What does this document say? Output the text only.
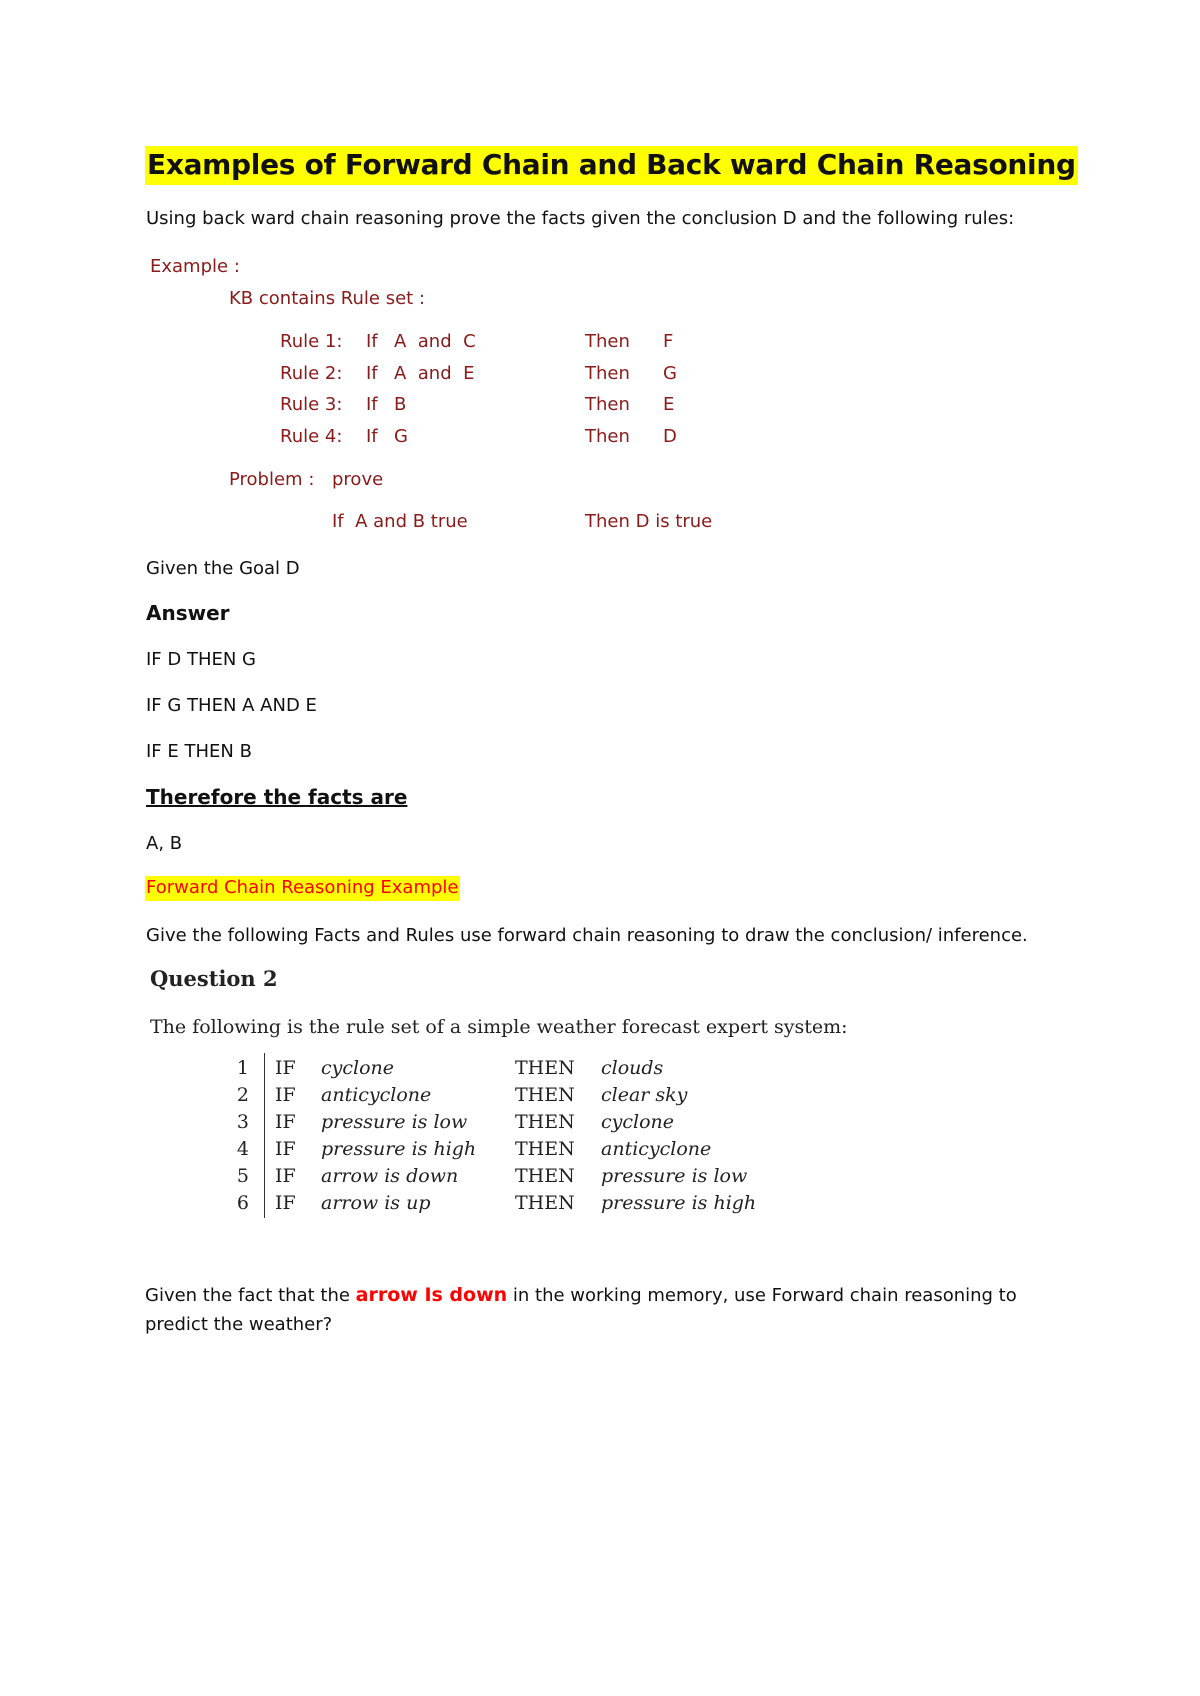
Examples of Forward Chain and Back ward Chain Reasoning
Using back ward chain reasoning prove the facts given the conclusion D and the following rules:
Example :
KB contains Rule set :
Rule 1: If A  and  C	Then F
Rule 2: If A  and  E	Then G
Rule 3: If B	Then E
Rule 4: If G	Then D
Problem : prove
If  A and B true	Then D is true
Given the Goal D
Answer
IF D THEN G
IF G THEN A AND E
IF E THEN B
Therefore the facts are
A, B
Forward Chain Reasoning Example
Give the following Facts and Rules use forward chain reasoning to draw the conclusion/ inference.
Question 2
The following is the rule set of a simple weather forecast expert system:
1 IF cyclone	THEN clouds
2 IF anticyclone	THEN clear sky
3 IF pressure is low	THEN cyclone
4 IF pressure is high THEN anticyclone
5 IF arrow is down	THEN pressure is low
6 IF arrow is up	THEN pressure is high
Given the fact that the arrow Is down in the working memory, use Forward chain reasoning to predict the weather?
